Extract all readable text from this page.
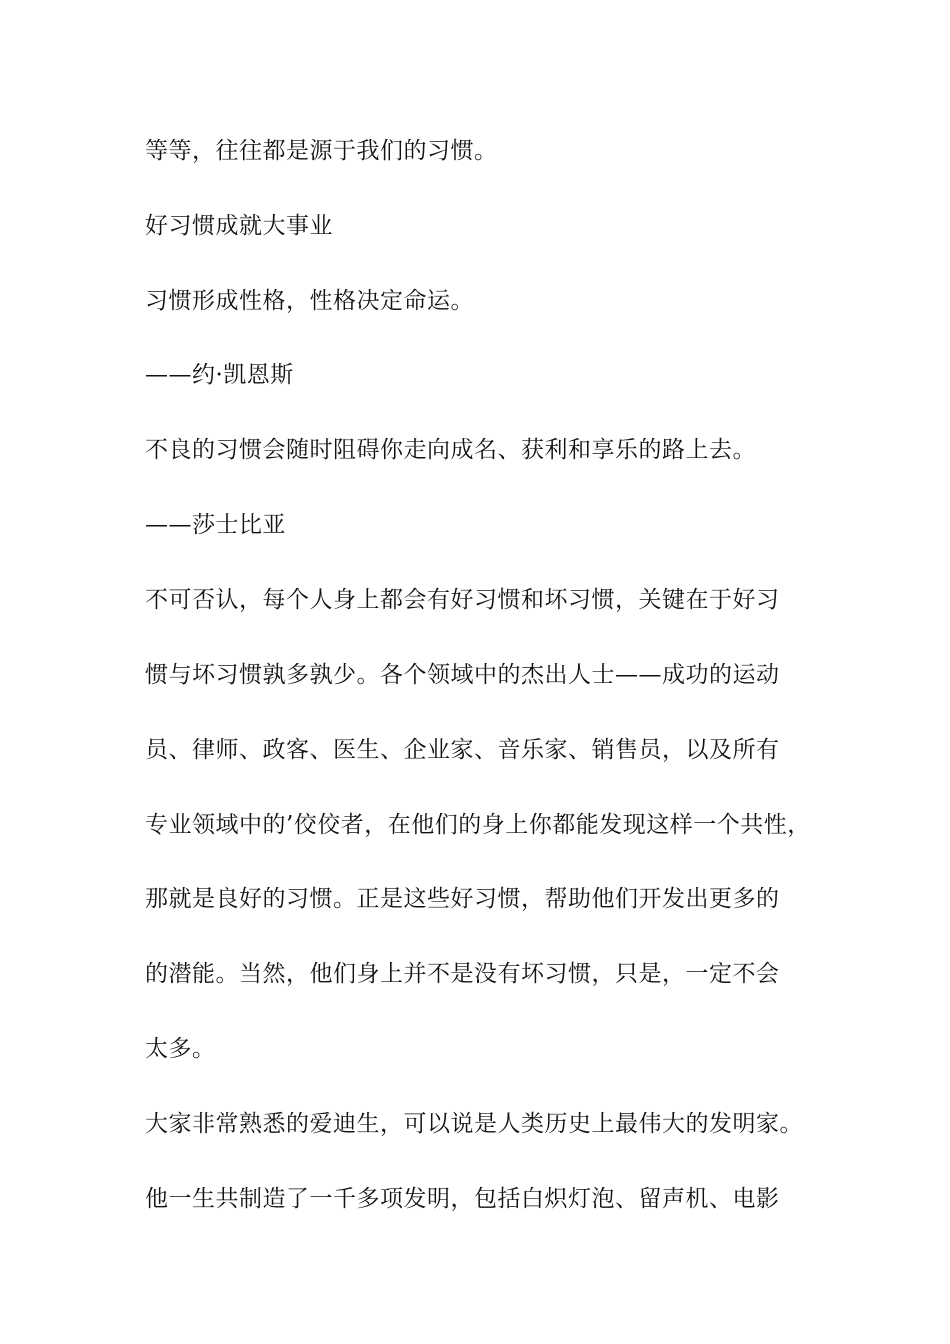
等等，往往都是源于我们的习惯。
好习惯成就大事业
习惯形成性格，性格决定命运。
——约·凯恩斯
不良的习惯会随时阻碍你走向成名、获利和享乐的路上去。
——莎士比亚
不可否认，每个人身上都会有好习惯和坏习惯，关键在于好习
惯与坏习惯孰多孰少。各个领域中的杰出人士——成功的运动
员、律师、政客、医生、企业家、音乐家、销售员，以及所有
专业领域中的’佼佼者，在他们的身上你都能发现这样一个共性，
那就是良好的习惯。正是这些好习惯，帮助他们开发出更多的
的潜能。当然，他们身上并不是没有坏习惯，只是，一定不会
太多。
大家非常熟悉的爱迪生，可以说是人类历史上最伟大的发明家。
他一生共制造了一千多项发明，包括白炽灯泡、留声机、电影
